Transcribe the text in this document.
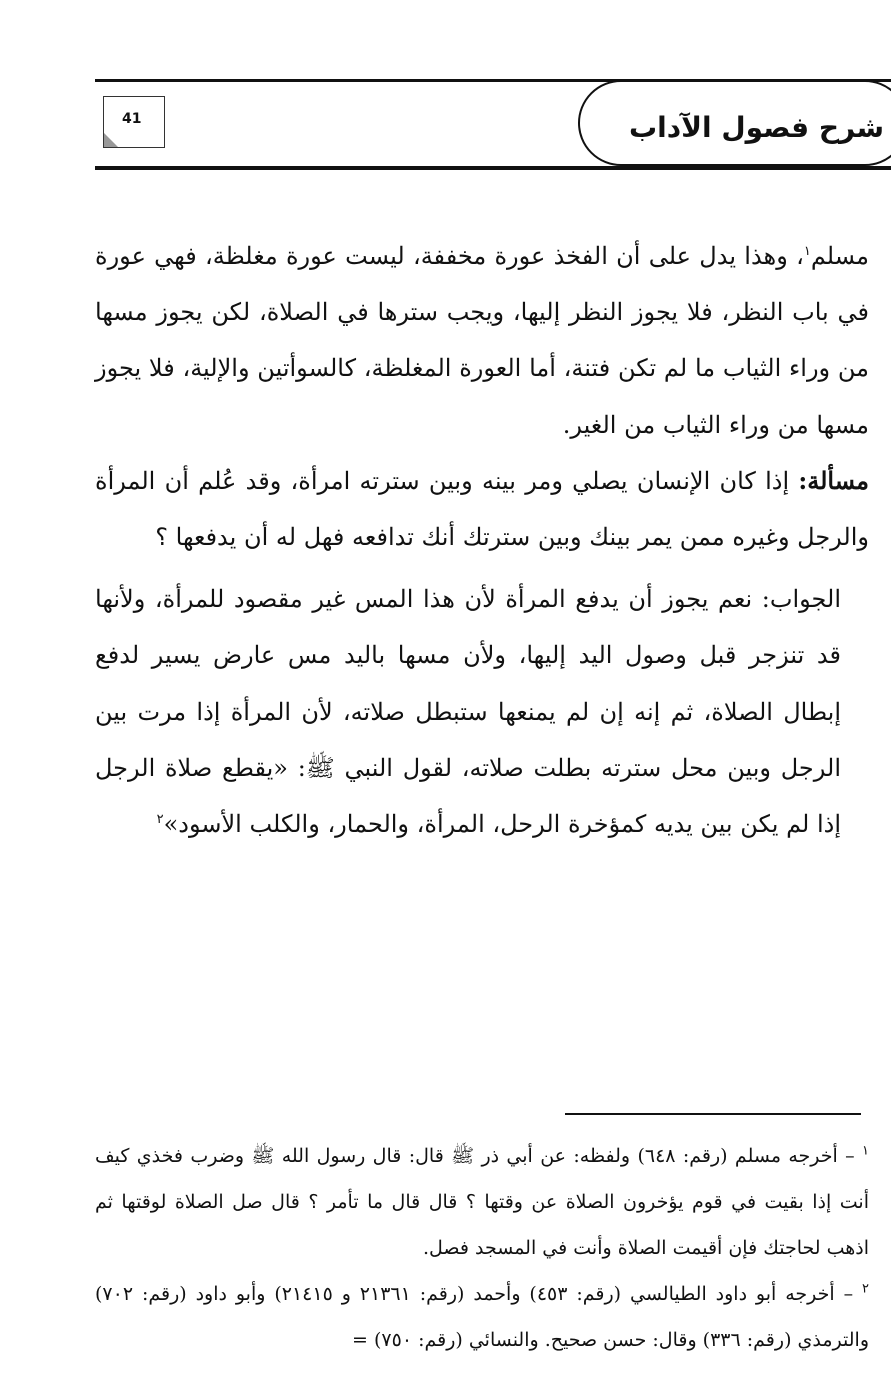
شرح فصول الآداب
41

مسلم$^١$، وهذا يدل على أن الفخذ عورة مخففة، ليست عورة مغلظة، فهي عورة في باب النظر، فلا يجوز النظر إليها، ويجب سترها في الصلاة، لكن يجوز مسها من وراء الثياب ما لم تكن فتنة، أما العورة المغلظة، كالسوأتين والإلية، فلا يجوز مسها من وراء الثياب من الغير.

مسألة: إذا كان الإنسان يصلي ومر بينه وبين سترته امرأة، وقد عُلم أن المرأة والرجل وغيره ممن يمر بينك وبين سترتك أنك تدافعه فهل له أن يدفعها ؟

الجواب: نعم يجوز أن يدفع المرأة لأن هذا المس غير مقصود للمرأة، ولأنها قد تنزجر قبل وصول اليد إليها، ولأن مسها باليد مس عارض يسير لدفع إبطال الصلاة، ثم إنه إن لم يمنعها ستبطل صلاته، لأن المرأة إذا مرت بين الرجل وبين محل سترته بطلت صلاته، لقول النبي ﷺ: «يقطع صلاة الرجل إذا لم يكن بين يديه كمؤخرة الرحل، المرأة، والحمار، والكلب الأسود»$^٢$

$^١$ – أخرجه مسلم (رقم: ٦٤٨) ولفظه: عن أبي ذر ﷺ قال: قال رسول الله ﷺ وضرب فخذي كيف أنت إذا بقيت في قوم يؤخرون الصلاة عن وقتها ؟ قال قال ما تأمر ؟ قال صل الصلاة لوقتها ثم اذهب لحاجتك فإن أقيمت الصلاة وأنت في المسجد فصل.

$^٢$ – أخرجه أبو داود الطيالسي (رقم: ٤٥٣) وأحمد (رقم: ٢١٣٦١ و ٢١٤١٥) وأبو داود (رقم: ٧٠٢) والترمذي (رقم: ٣٣٦) وقال: حسن صحيح. والنسائي (رقم: ٧٥٠) =
